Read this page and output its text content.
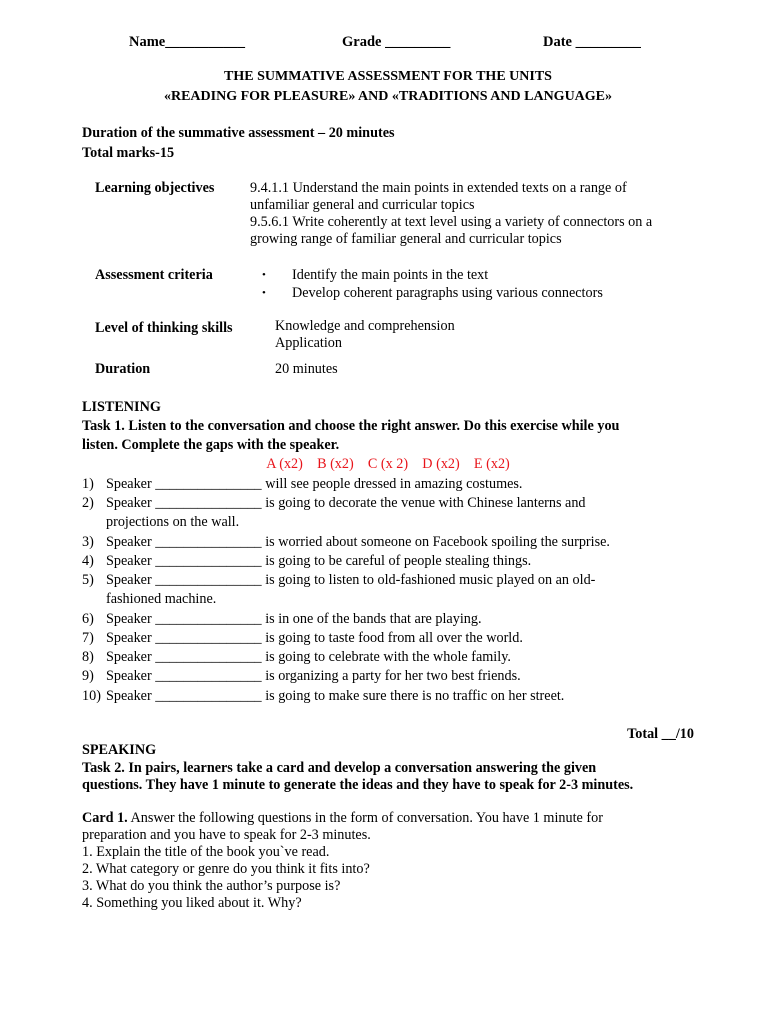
Name___________	Grade _________	Date _________
THE SUMMATIVE ASSESSMENT FOR THE UNITS
«READING FOR PLEASURE» AND «TRADITIONS AND LANGUAGE»
Duration of the summative assessment – 20 minutes
Total marks-15
Learning objectives	9.4.1.1 Understand the main points in extended texts on a range of
unfamiliar general and curricular topics
9.5.6.1 Write coherently at text level using a variety of connectors on a
growing range of familiar general and curricular topics
Assessment criteria	• Identify the main points in the text
• Develop coherent paragraphs using various connectors
Level of thinking skills	Knowledge and comprehension
Application
Duration	20 minutes
LISTENING
Task 1. Listen to the conversation and choose the right answer. Do this exercise while you
listen. Complete the gaps with the speaker.
A (x2) B (x2) C (x 2) D (x2) E (x2)
1) Speaker _______________ will see people dressed in amazing costumes.
2) Speaker _______________ is going to decorate the venue with Chinese lanterns and
projections on the wall.
3) Speaker _______________ is worried about someone on Facebook spoiling the surprise.
4) Speaker _______________ is going to be careful of people stealing things.
5) Speaker _______________ is going to listen to old-fashioned music played on an old-
fashioned machine.
6) Speaker _______________ is in one of the bands that are playing.
7) Speaker _______________ is going to taste food from all over the world.
8) Speaker _______________ is going to celebrate with the whole family.
9) Speaker _______________ is organizing a party for her two best friends.
10) Speaker _______________ is going to make sure there is no traffic on her street.
Total __/10
SPEAKING
Task 2. In pairs, learners take a card and develop a conversation answering the given
questions. They have 1 minute to generate the ideas and they have to speak for 2-3 minutes.
Card 1. Answer the following questions in the form of conversation. You have 1 minute for
preparation and you have to speak for 2-3 minutes.
1. Explain the title of the book you`ve read.
2. What category or genre do you think it fits into?
3. What do you think the author’s purpose is?
4. Something you liked about it. Why?
